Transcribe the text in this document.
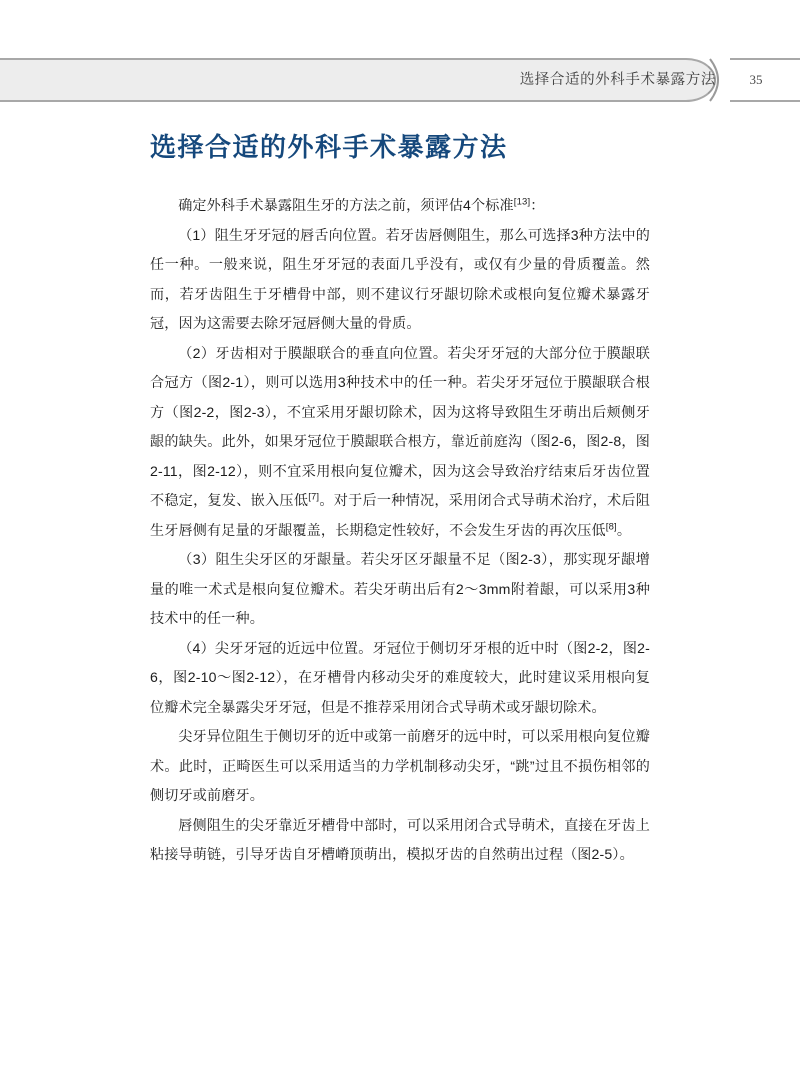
选择合适的外科手术暴露方法	35
选择合适的外科手术暴露方法

确定外科手术暴露阻生牙的方法之前，须评估4个标准[13]：

（1）阻生牙牙冠的唇舌向位置。若牙齿唇侧阻生，那么可选择3种方法中的任一种。一般来说，阻生牙牙冠的表面几乎没有，或仅有少量的骨质覆盖。然而，若牙齿阻生于牙槽骨中部，则不建议行牙龈切除术或根向复位瓣术暴露牙冠，因为这需要去除牙冠唇侧大量的骨质。

（2）牙齿相对于膜龈联合的垂直向位置。若尖牙牙冠的大部分位于膜龈联合冠方（图2-1），则可以选用3种技术中的任一种。若尖牙牙冠位于膜龈联合根方（图2-2，图2-3），不宜采用牙龈切除术，因为这将导致阻生牙萌出后颊侧牙龈的缺失。此外，如果牙冠位于膜龈联合根方，靠近前庭沟（图2-6，图2-8，图2-11，图2-12），则不宜采用根向复位瓣术，因为这会导致治疗结束后牙齿位置不稳定，复发、嵌入压低[7]。对于后一种情况，采用闭合式导萌术治疗，术后阻生牙唇侧有足量的牙龈覆盖，长期稳定性较好，不会发生牙齿的再次压低[8]。

（3）阻生尖牙区的牙龈量。若尖牙区牙龈量不足（图2-3），那实现牙龈增量的唯一术式是根向复位瓣术。若尖牙萌出后有2～3mm附着龈，可以采用3种技术中的任一种。

（4）尖牙牙冠的近远中位置。牙冠位于侧切牙牙根的近中时（图2-2，图2-6，图2-10～图2-12），在牙槽骨内移动尖牙的难度较大，此时建议采用根向复位瓣术完全暴露尖牙牙冠，但是不推荐采用闭合式导萌术或牙龈切除术。

尖牙异位阻生于侧切牙的近中或第一前磨牙的远中时，可以采用根向复位瓣术。此时，正畸医生可以采用适当的力学机制移动尖牙，“跳”过且不损伤相邻的侧切牙或前磨牙。

唇侧阻生的尖牙靠近牙槽骨中部时，可以采用闭合式导萌术，直接在牙齿上粘接导萌链，引导牙齿自牙槽嵴顶萌出，模拟牙齿的自然萌出过程（图2-5）。
